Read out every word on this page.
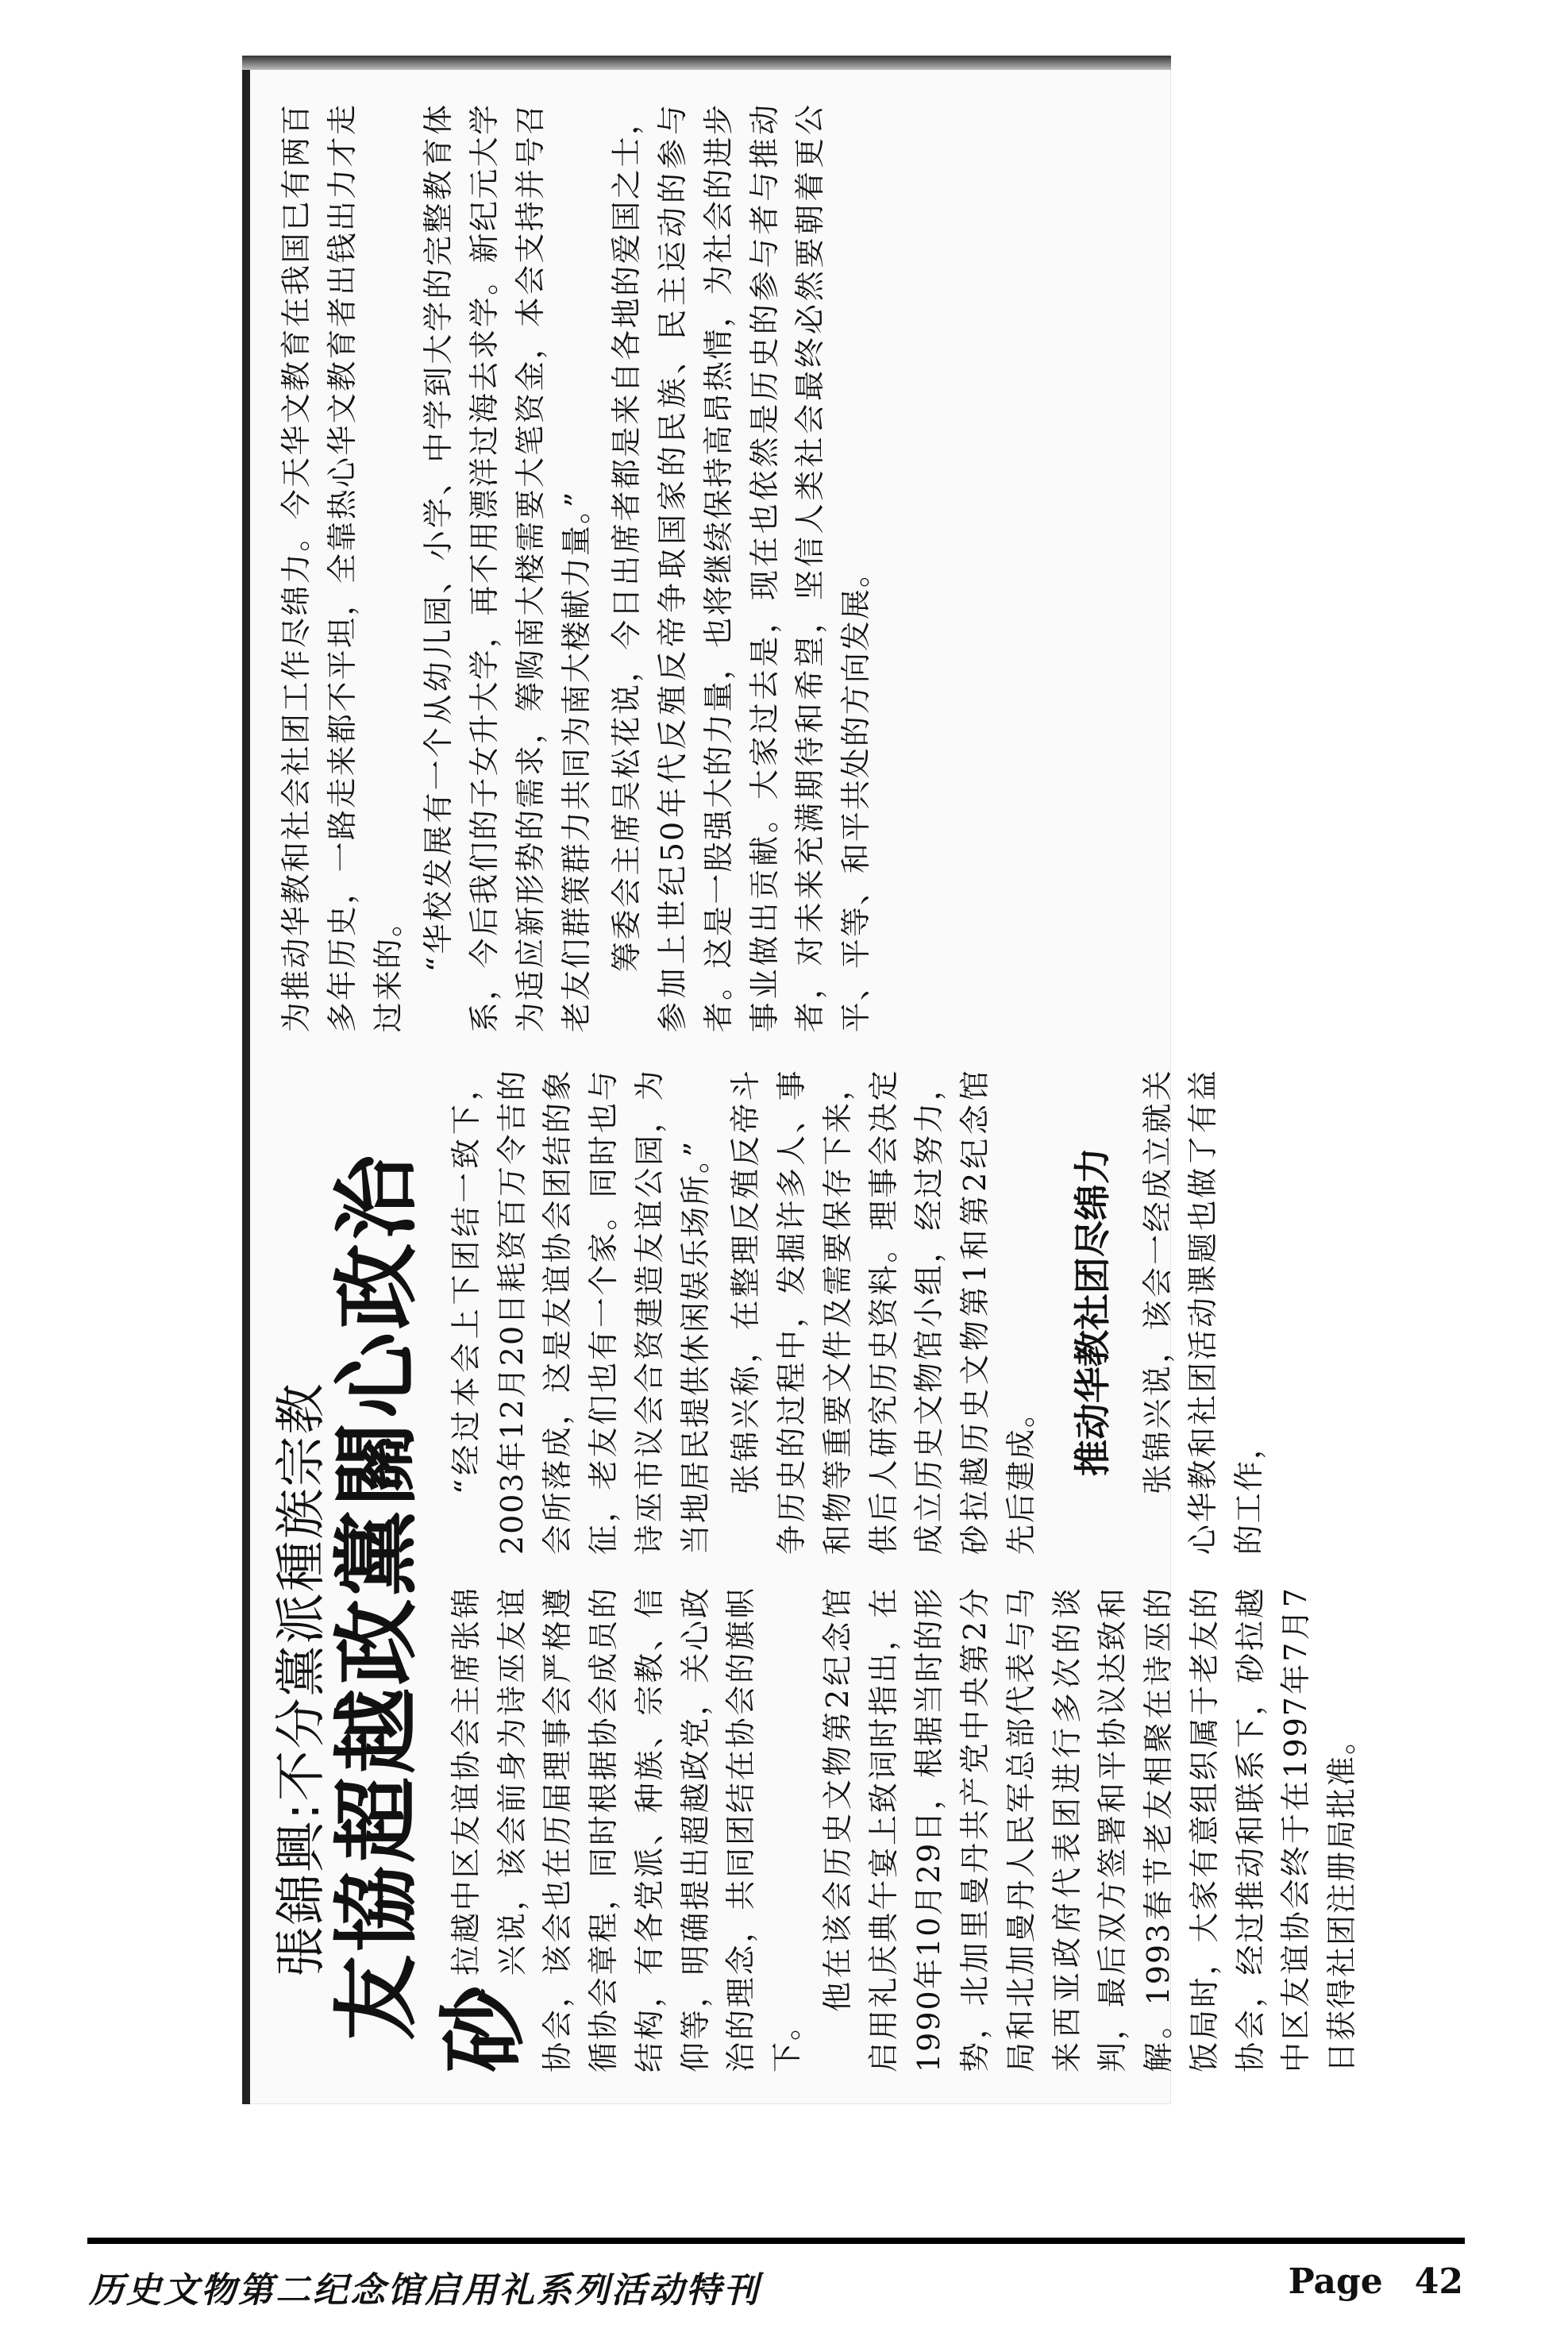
張錦興:不分黨派種族宗教
友協超越政黨關心政治 砂拉越中区友谊协会主席张锦兴说，该会前身为诗巫友谊协会，该会也在历届理事会严格遵循协会章程，同时根据协会成员的结构，有各党派、种族、宗教、信仰等，明确提出超越政党，关心政治的理念，共同团结在协会的旗帜下。

他在该会历史文物第2纪念馆启用礼庆典午宴上致词时指出，在1990年10月29日，根据当时的形势，北加里曼丹共产党中央第2分局和北加曼丹人民军总部代表与马来西亚政府代表团进行多次的谈判，最后双方签署和平协议达致和解。1993春节老友相聚在诗巫的饭局时，大家有意组织属于老友的协会，经过推动和联系下，砂拉越中区友谊协会终于在1997年7月7日获得社团注册局批准。

“经过本会上下团结一致下，2003年12月20日耗资百万令吉的会所落成，这是友谊协会团结的象征，老友们也有一个家。同时也与诗巫市议会合资建造友谊公园，为当地居民提供休闲娱乐场所。” 张锦兴称，在整理反殖反帝斗争历史的过程中，发掘许多人、事和物等重要文件及需要保存下来，供后人研究历史资料。理事会决定成立历史文物馆小组，经过努力，砂拉越历史文物第1和第2纪念馆先后建成。 推动华教社团尽绵力 张锦兴说，该会一经成立就关心华教和社团活动课题也做了有益的工作，

为推动华教和社会社团工作尽绵力。今天华文教育在我国已有两百多年历史，一路走来都不平坦，全靠热心华文教育者出钱出力才走过来的。 “华校发展有一个从幼儿园、小学、中学到大学的完整教育体系，今后我们的子女升大学，再不用漂洋过海去求学。新纪元大学为适应新形势的需求，筹购南大楼需要大笔资金，本会支持并号召老友们群策群力共同为南大楼献力量。” 筹委会主席吴松花说，今日出席者都是来自各地的爱国之士，参加上世纪50年代反殖反帝争取国家的民族、民主运动的参与者。这是一股强大的力量，也将继续保持高昂热情，为社会的进步事业做出贡献。大家过去是，现在也依然是历史的参与者与推动者，对未来充满期待和希望，坚信人类社会最终必然要朝着更公平、平等、和平共处的方向发展。

历史文物第二纪念馆启用礼系列活动特刊	Page 42
